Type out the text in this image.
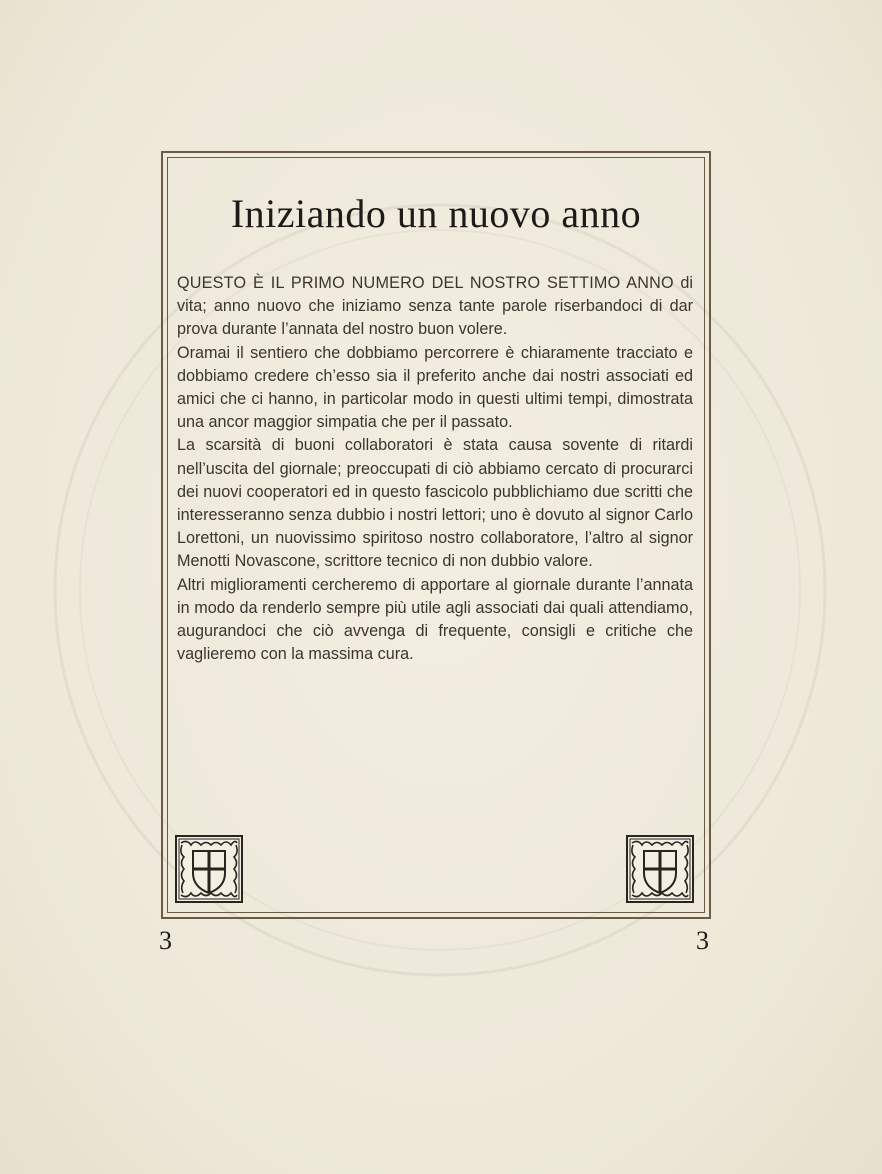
Iniziando un nuovo anno

QUESTO È IL PRIMO NUMERO DEL NOSTRO SETTIMO ANNO di vita; anno nuovo che iniziamo senza tante parole riserbandoci di dar prova durante l’annata del nostro buon volere.

Oramai il sentiero che dobbiamo percorrere è chiaramente tracciato e dobbiamo credere ch’esso sia il preferito anche dai nostri associati ed amici che ci hanno, in particolar modo in questi ultimi tempi, dimostrata una ancor maggior simpatia che per il passato.

La scarsità di buoni collaboratori è stata causa sovente di ritardi nell’uscita del giornale; preoccupati di ciò abbiamo cercato di procurarci dei nuovi cooperatori ed in questo fascicolo pubblichiamo due scritti che interesseranno senza dubbio i nostri lettori; uno è dovuto al signor Carlo Lorettoni, un nuovissimo spiritoso nostro collaboratore, l’altro al signor Menotti Novascone, scrittore tecnico di non dubbio valore.

Altri miglioramenti cercheremo di apportare al giornale durante l’annata in modo da renderlo sempre più utile agli associati dai quali attendiamo, augurandoci che ciò avvenga di frequente, consigli e critiche che vaglieremo con la massima cura.

3	3
